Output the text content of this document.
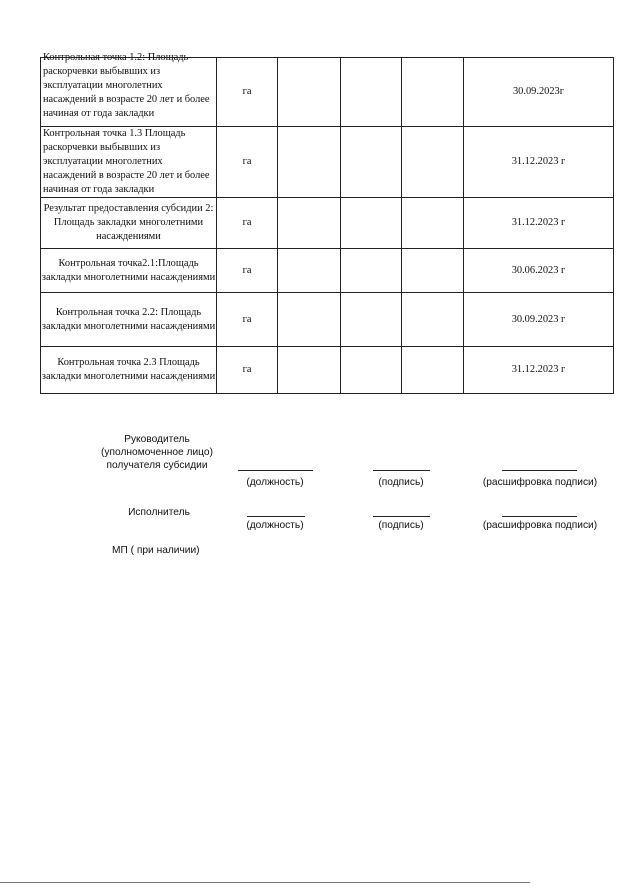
Контрольная точка 1.2: Площадь раскорчевки выбывших из эксплуатации многолетних насаждений в возрасте 20 лет и более начиная от года закладки	га				30.09.2023г
Контрольная точка 1.3 Площадь раскорчевки выбывших из эксплуатации многолетних насаждений в возрасте 20 лет и более начиная от года закладки	га				31.12.2023 г
Результат предоставления субсидии 2: Площадь закладки многолетними насаждениями	га				31.12.2023 г
Контрольная точка2.1:Площадь закладки многолетними насаждениями	га				30.06.2023 г
Контрольная точка 2.2: Площадь закладки многолетними насаждениями	га				30.09.2023 г
Контрольная точка 2.3 Площадь закладки многолетними насаждениями	га				31.12.2023 г
Руководитель
(уполномоченное лицо)
получателя субсидии
(должность)	(подпись)	(расшифровка подписи)
Исполнитель
(должность)	(подпись)	(расшифровка подписи)
МП ( при наличии)
